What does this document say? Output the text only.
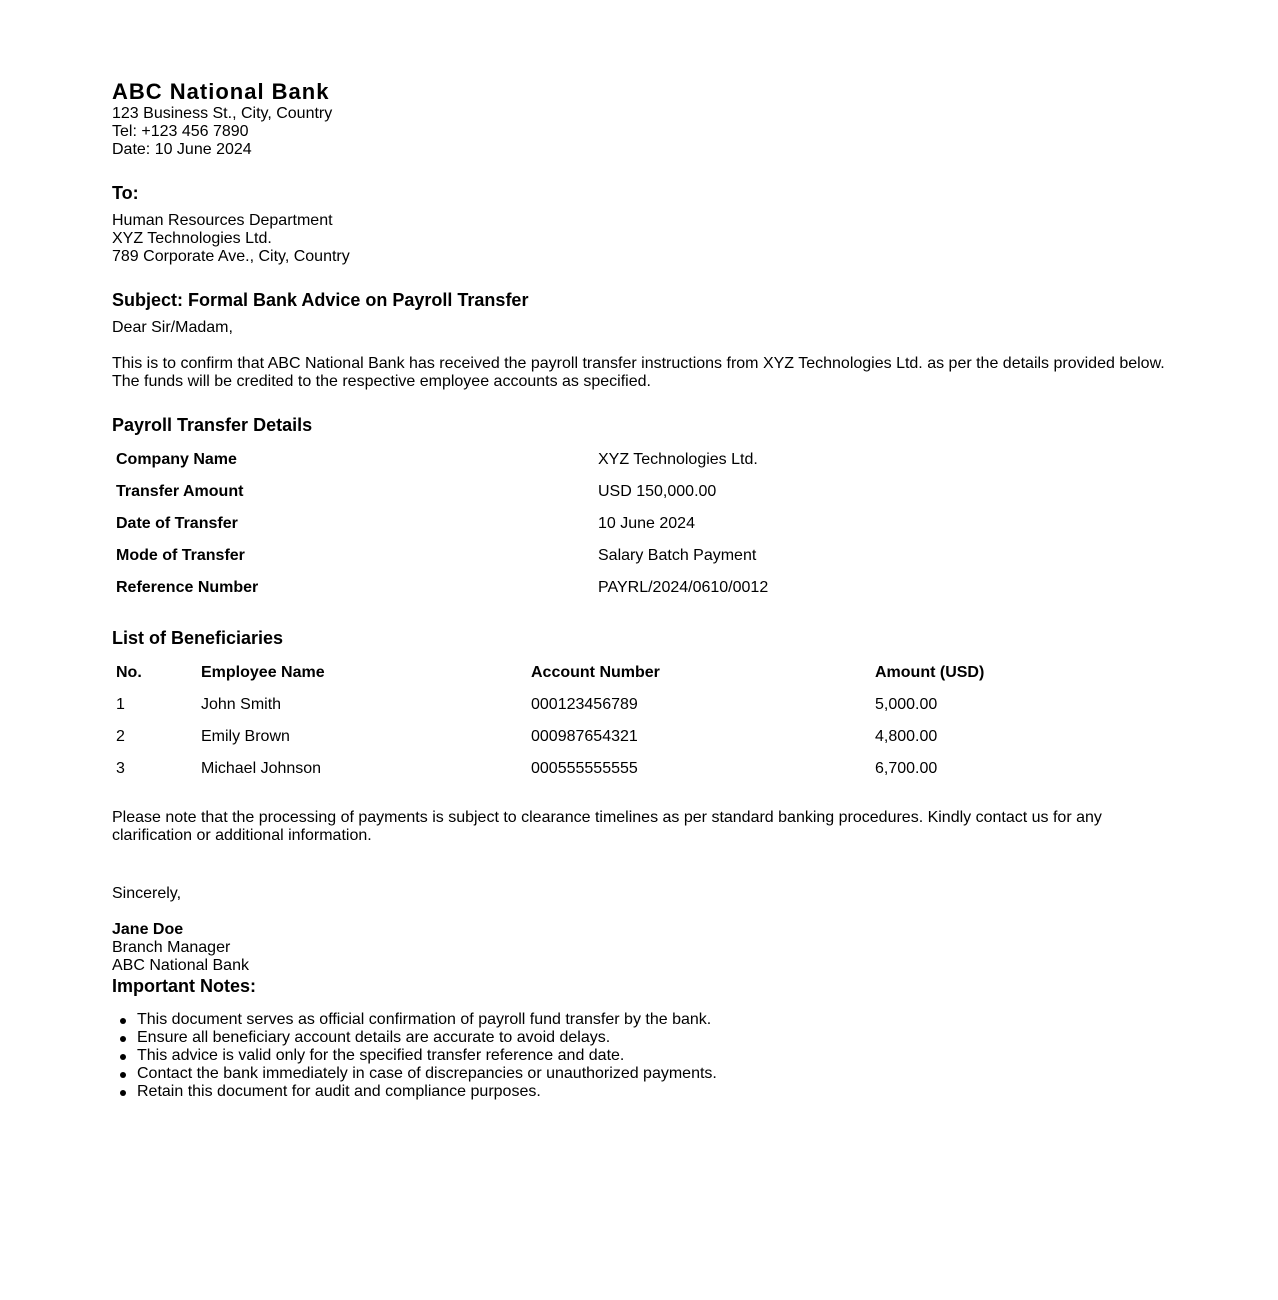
ABC National Bank
123 Business St., City, Country
Tel: +123 456 7890
Date: 10 June 2024
To:
Human Resources Department
XYZ Technologies Ltd.
789 Corporate Ave., City, Country
Subject: Formal Bank Advice on Payroll Transfer
Dear Sir/Madam,
This is to confirm that ABC National Bank has received the payroll transfer instructions from XYZ Technologies Ltd. as per the details provided below.
The funds will be credited to the respective employee accounts as specified.
Payroll Transfer Details
Company Name	XYZ Technologies Ltd.
Transfer Amount	USD 150,000.00
Date of Transfer	10 June 2024
Mode of Transfer	Salary Batch Payment
Reference Number	PAYRL/2024/0610/0012
List of Beneficiaries
No.	Employee Name	Account Number	Amount (USD)
1	John Smith	000123456789	5,000.00
2	Emily Brown	000987654321	4,800.00
3	Michael Johnson	000555555555	6,700.00
Please note that the processing of payments is subject to clearance timelines as per standard banking procedures. Kindly contact us for any
clarification or additional information.
Sincerely,
Jane Doe
Branch Manager
ABC National Bank
Important Notes:
This document serves as official confirmation of payroll fund transfer by the bank.
Ensure all beneficiary account details are accurate to avoid delays.
This advice is valid only for the specified transfer reference and date.
Contact the bank immediately in case of discrepancies or unauthorized payments.
Retain this document for audit and compliance purposes.
